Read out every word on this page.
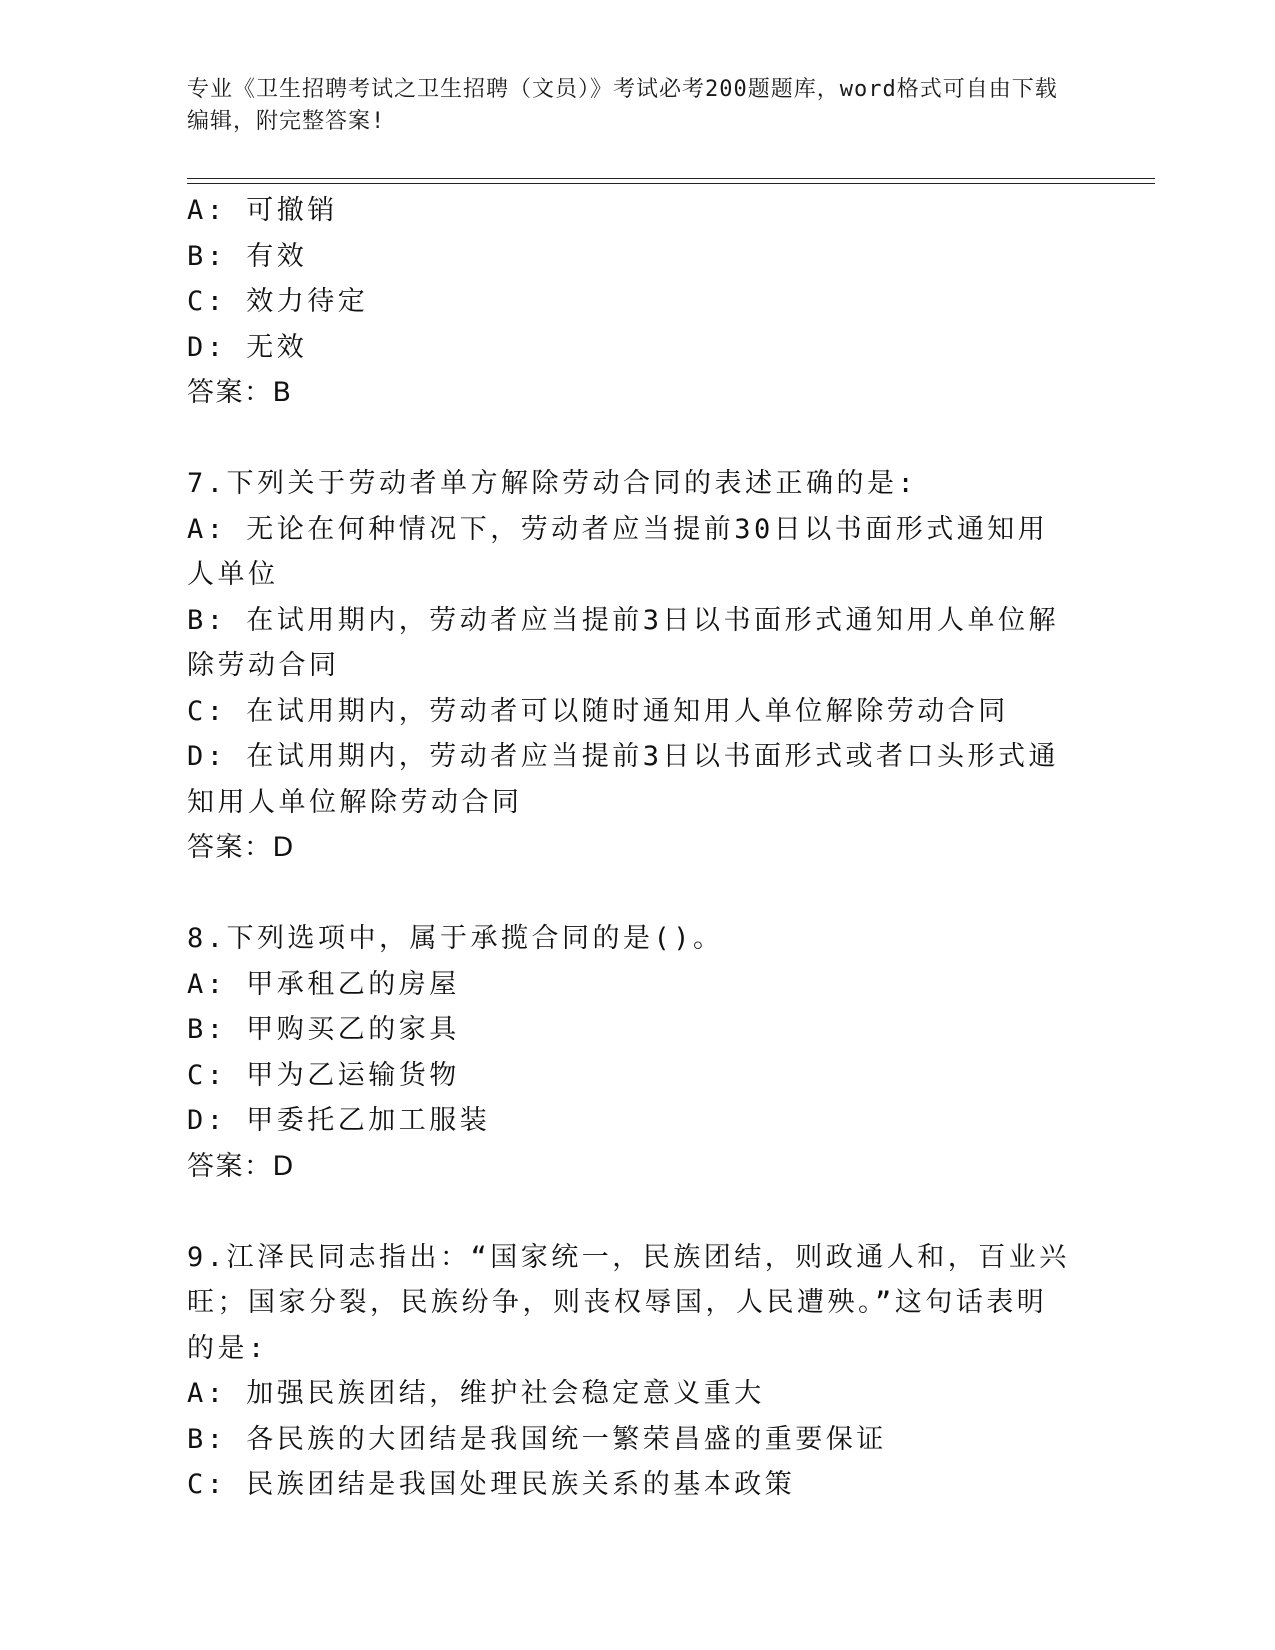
专业《卫生招聘考试之卫生招聘（文员）》考试必考200题题库，word格式可自由下载编辑，附完整答案!
A: 可撤销
B: 有效
C: 效力待定
D: 无效
答案：B
7.下列关于劳动者单方解除劳动合同的表述正确的是:
A: 无论在何种情况下，劳动者应当提前30日以书面形式通知用人单位
B: 在试用期内，劳动者应当提前3日以书面形式通知用人单位解除劳动合同
C: 在试用期内，劳动者可以随时通知用人单位解除劳动合同
D: 在试用期内，劳动者应当提前3日以书面形式或者口头形式通知用人单位解除劳动合同
答案：D
8.下列选项中，属于承揽合同的是()。
A: 甲承租乙的房屋
B: 甲购买乙的家具
C: 甲为乙运输货物
D: 甲委托乙加工服装
答案：D
9.江泽民同志指出：“国家统一，民族团结，则政通人和，百业兴旺；国家分裂，民族纷争，则丧权辱国，人民遭殃。”这句话表明的是:
A: 加强民族团结，维护社会稳定意义重大
B: 各民族的大团结是我国统一繁荣昌盛的重要保证
C: 民族团结是我国处理民族关系的基本政策
